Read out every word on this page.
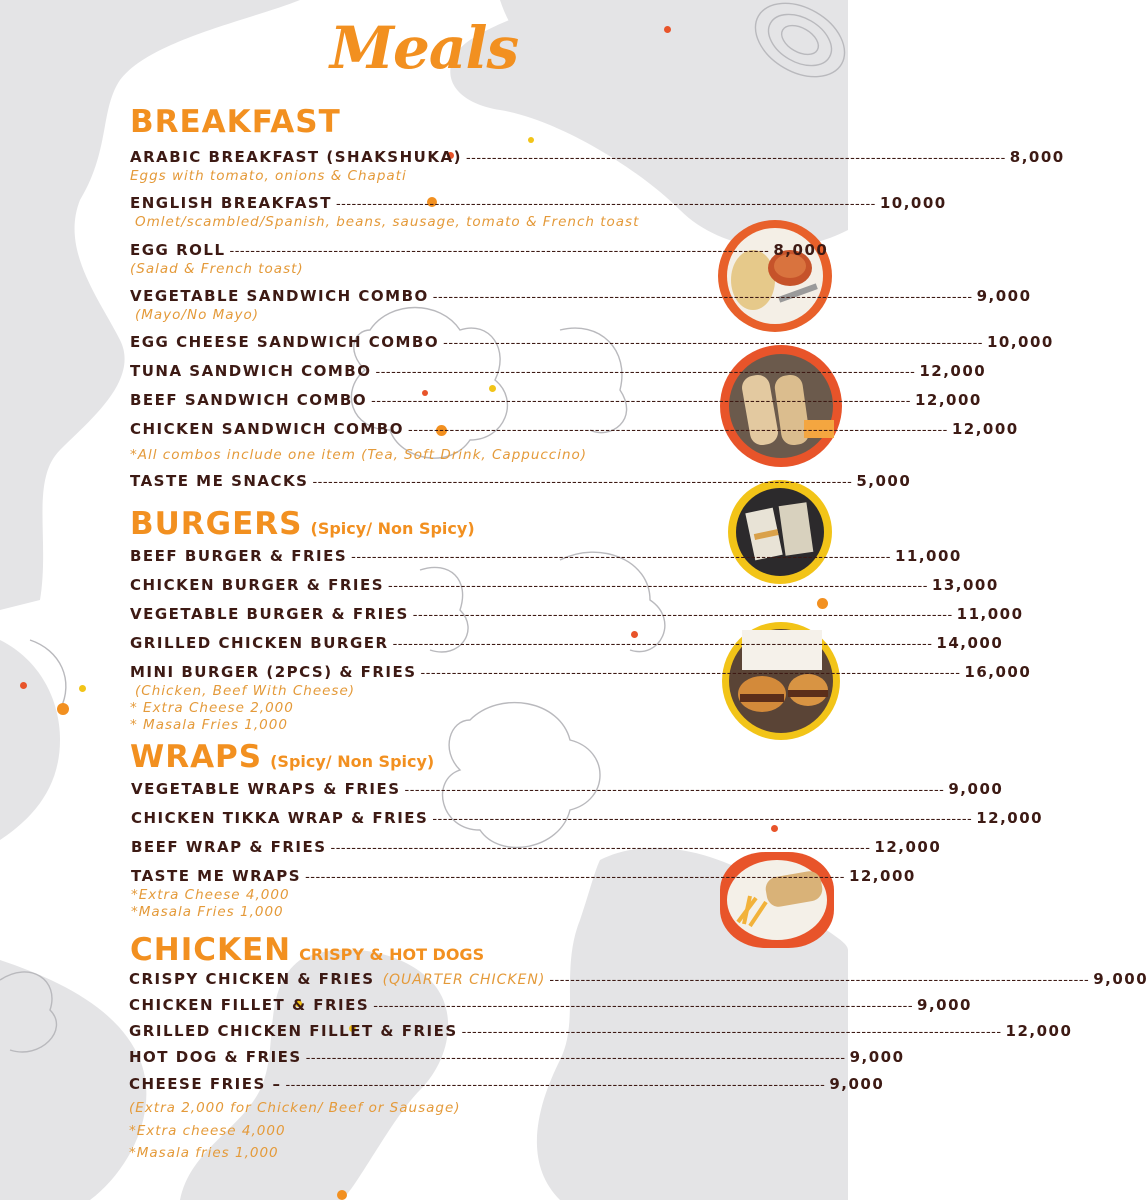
Meals
BREAKFAST
ARABIC BREAKFAST (SHAKSHUKA) -------------------------------------------------------------------------------------------------------- 8,000
Eggs with tomato, onions & Chapati
ENGLISH BREAKFAST -------------------------------------------------------------------------------------------------------- 10,000
Omlet/scambled/Spanish, beans, sausage, tomato & French toast
EGG ROLL -------------------------------------------------------------------------------------------------------- 8,000
(Salad & French toast)
VEGETABLE SANDWICH COMBO -------------------------------------------------------------------------------------------------------- 9,000
(Mayo/No Mayo)
EGG CHEESE SANDWICH COMBO -------------------------------------------------------------------------------------------------------- 10,000
TUNA SANDWICH COMBO -------------------------------------------------------------------------------------------------------- 12,000
BEEF SANDWICH COMBO -------------------------------------------------------------------------------------------------------- 12,000
CHICKEN SANDWICH COMBO -------------------------------------------------------------------------------------------------------- 12,000
*All combos include one item (Tea, Soft Drink, Cappuccino)
TASTE ME SNACKS -------------------------------------------------------------------------------------------------------- 5,000
BURGERS (Spicy/ Non Spicy)
BEEF BURGER & FRIES -------------------------------------------------------------------------------------------------------- 11,000
CHICKEN BURGER & FRIES -------------------------------------------------------------------------------------------------------- 13,000
VEGETABLE BURGER & FRIES -------------------------------------------------------------------------------------------------------- 11,000
GRILLED CHICKEN BURGER -------------------------------------------------------------------------------------------------------- 14,000
MINI BURGER (2PCS) & FRIES -------------------------------------------------------------------------------------------------------- 16,000
(Chicken, Beef With Cheese)
* Extra Cheese 2,000
* Masala Fries 1,000
WRAPS (Spicy/ Non Spicy)
VEGETABLE WRAPS & FRIES -------------------------------------------------------------------------------------------------------- 9,000
CHICKEN TIKKA WRAP & FRIES -------------------------------------------------------------------------------------------------------- 12,000
BEEF WRAP & FRIES -------------------------------------------------------------------------------------------------------- 12,000
TASTE ME WRAPS -------------------------------------------------------------------------------------------------------- 12,000
*Extra Cheese 4,000
*Masala Fries 1,000
CHICKEN CRISPY & HOT DOGS
CRISPY CHICKEN & FRIES (QUARTER CHICKEN) -------------------------------------------------------------------------------------------------------- 9,000
CHICKEN FILLET & FRIES -------------------------------------------------------------------------------------------------------- 9,000
GRILLED CHICKEN FILLET & FRIES -------------------------------------------------------------------------------------------------------- 12,000
HOT DOG & FRIES -------------------------------------------------------------------------------------------------------- 9,000
CHEESE FRIES – -------------------------------------------------------------------------------------------------------- 9,000
(Extra 2,000 for Chicken/ Beef or Sausage)
*Extra cheese 4,000
*Masala fries 1,000
